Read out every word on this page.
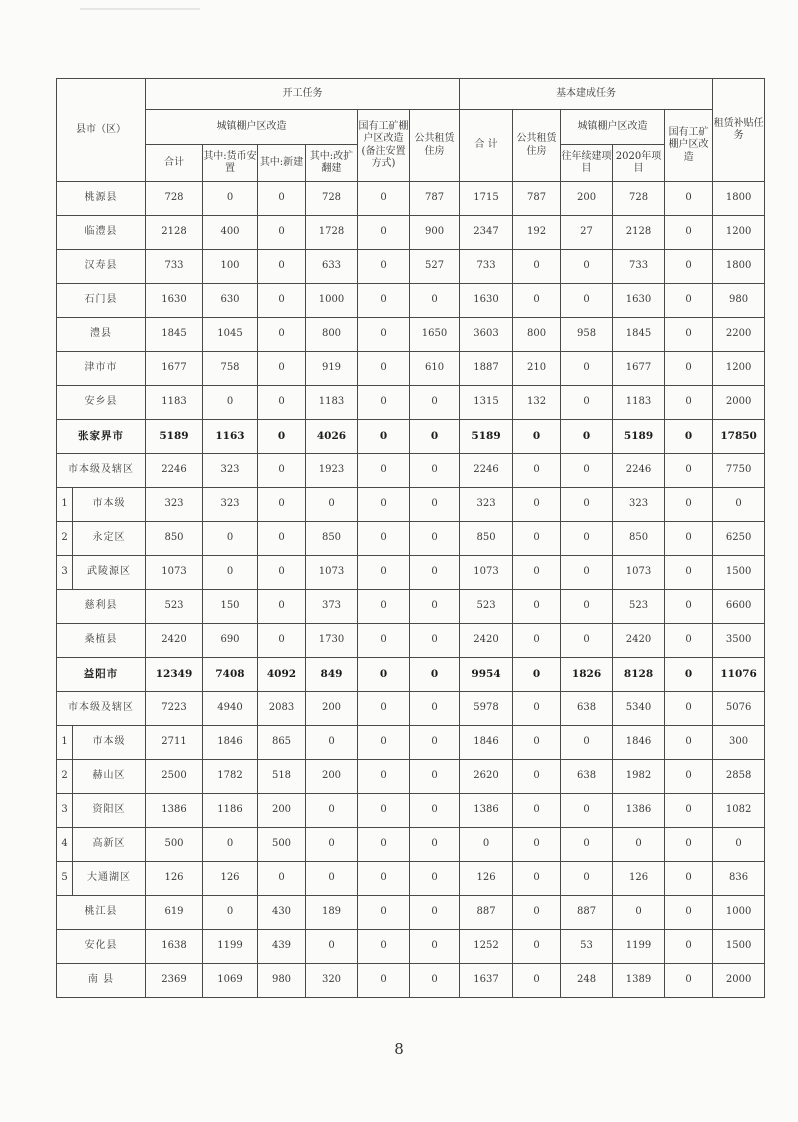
县市（区）		开工任务						基本建成任务					租赁补贴任务
		城镇棚户区改造				国有工矿棚户区改造(备注安置方式)	公共租赁住房	合 计	公共租赁住房	城镇棚户区改造		国有工矿棚户区改造	
		合计	其中:货币安置	其中:新建	其中:改扩翻建					往年续建项目	2020年项目		
桃源县		728	0	0	728	0	787	1715	787	200	728	0	1800
临澧县		2128	400	0	1728	0	900	2347	192	27	2128	0	1200
汉寿县		733	100	0	633	0	527	733	0	0	733	0	1800
石门县		1630	630	0	1000	0	0	1630	0	0	1630	0	980
澧县		1845	1045	0	800	0	1650	3603	800	958	1845	0	2200
津市市		1677	758	0	919	0	610	1887	210	0	1677	0	1200
安乡县		1183	0	0	1183	0	0	1315	132	0	1183	0	2000
张家界市		5189	1163	0	4026	0	0	5189	0	0	5189	0	17850
市本级及辖区		2246	323	0	1923	0	0	2246	0	0	2246	0	7750
1	市本级	323	323	0	0	0	0	323	0	0	323	0	0
2	永定区	850	0	0	850	0	0	850	0	0	850	0	6250
3	武陵源区	1073	0	0	1073	0	0	1073	0	0	1073	0	1500
慈利县		523	150	0	373	0	0	523	0	0	523	0	6600
桑植县		2420	690	0	1730	0	0	2420	0	0	2420	0	3500
益阳市		12349	7408	4092	849	0	0	9954	0	1826	8128	0	11076
市本级及辖区		7223	4940	2083	200	0	0	5978	0	638	5340	0	5076
1	市本级	2711	1846	865	0	0	0	1846	0	0	1846	0	300
2	赫山区	2500	1782	518	200	0	0	2620	0	638	1982	0	2858
3	资阳区	1386	1186	200	0	0	0	1386	0	0	1386	0	1082
4	高新区	500	0	500	0	0	0	0	0	0	0	0	0
5	大通湖区	126	126	0	0	0	0	126	0	0	126	0	836
桃江县		619	0	430	189	0	0	887	0	887	0	0	1000
安化县		1638	1199	439	0	0	0	1252	0	53	1199	0	1500
南 县		2369	1069	980	320	0	0	1637	0	248	1389	0	2000
8
